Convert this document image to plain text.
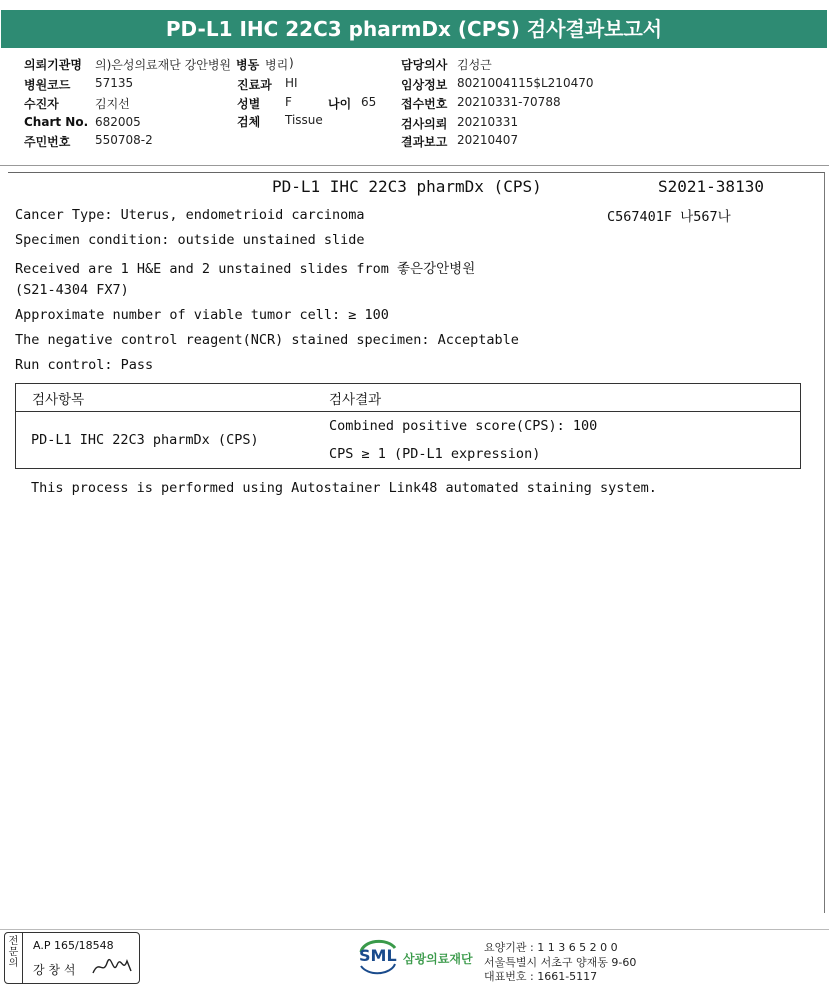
PD-L1 IHC 22C3 pharmDx (CPS) 검사결과보고서
의뢰기관명 의)은성의료재단 강안병원 병동 병리 )
병원코드 57135	진료과 HI
수진자	김지선	성별 F	나이 65
Chart No. 682005	검체 Tissue
주민번호 550708-2
담당의사 김성근
임상정보 8021004115$L210470
접수번호 20210331-70788
검사의뢰 20210331
결과보고 20210407
PD-L1 IHC 22C3 pharmDx (CPS)	S2021-38130
C567401F 나567나
Cancer Type: Uterus, endometrioid carcinoma
Specimen condition: outside unstained slide
Received are 1 H&E and 2 unstained slides from 좋은강안병원
(S21-4304 FX7)
Approximate number of viable tumor cell: ≥ 100
The negative control reagent(NCR) stained specimen: Acceptable
Run control: Pass
검사항목	검사결과
PD-L1 IHC 22C3 pharmDx (CPS)	Combined positive score(CPS): 100
CPS ≥ 1 (PD-L1 expression)
This process is performed using Autostainer Link48 automated staining system.
전문의
A.P 165/18548
강 창 석
SML 삼광의료재단
요양기관 : 1 1 3 6 5 2 0 0
서울특별시 서초구 양재동 9-60
대표번호 : 1661-5117
